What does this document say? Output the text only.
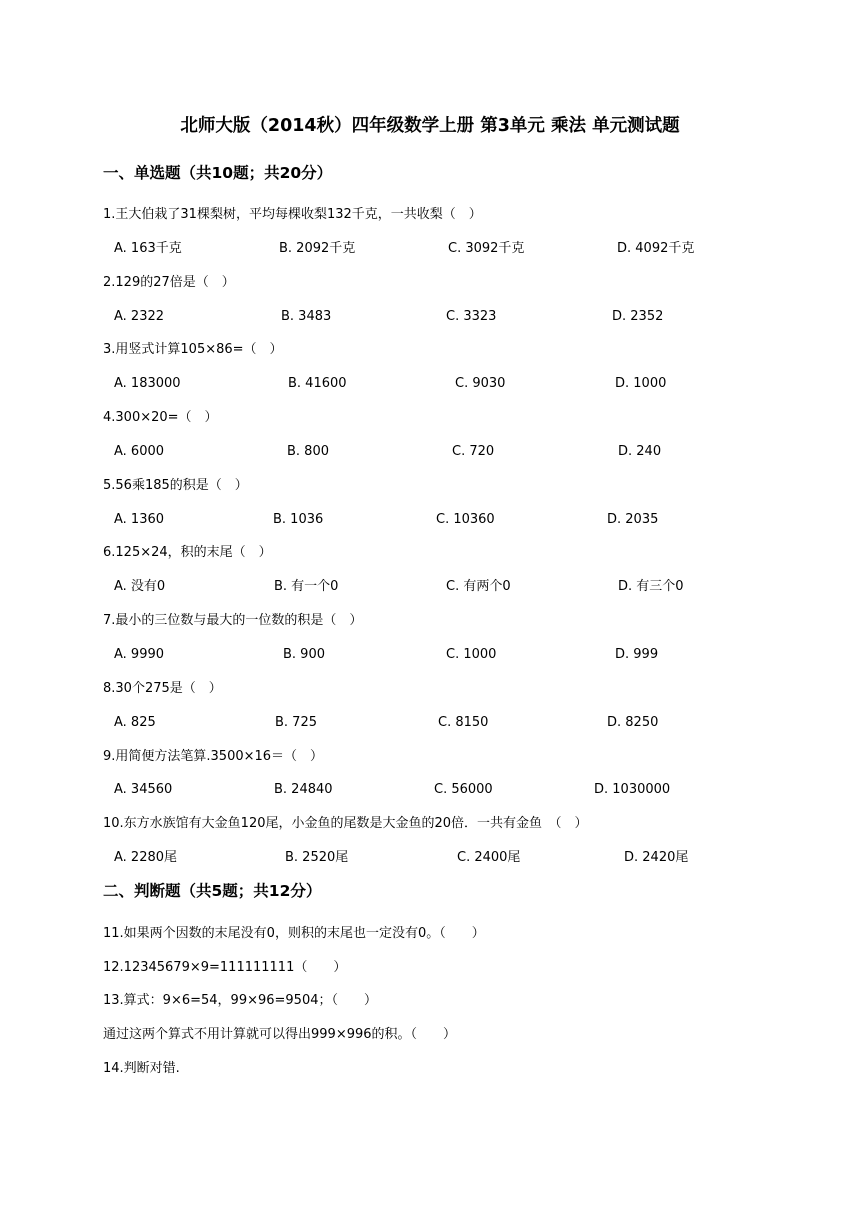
北师大版（2014秋）四年级数学上册 第3单元 乘法 单元测试题
一、单选题（共10题；共20分）
1.王大伯栽了31棵梨树，平均每棵收梨132千克，一共收梨（　）
A. 163千克	B. 2092千克	C. 3092千克	D. 4092千克
2.129的27倍是（　）
A. 2322	B. 3483	C. 3323	D. 2352
3.用竖式计算105×86=（　）
A. 183000	B. 41600	C. 9030	D. 1000
4.300×20=（　）
A. 6000	B. 800	C. 720	D. 240
5.56乘185的积是（　）
A. 1360	B. 1036	C. 10360	D. 2035
6.125×24，积的末尾（　）
A. 没有0	B. 有一个0	C. 有两个0	D. 有三个0
7.最小的三位数与最大的一位数的积是（　）
A. 9990	B. 900	C. 1000	D. 999
8.30个275是（　）
A. 825	B. 725	C. 8150	D. 8250
9.用简便方法笔算.3500×16＝（　）
A. 34560	B. 24840	C. 56000	D. 1030000
10.东方水族馆有大金鱼120尾，小金鱼的尾数是大金鱼的20倍．一共有金鱼　（　）
A. 2280尾	B. 2520尾	C. 2400尾	D. 2420尾
二、判断题（共5题；共12分）
11.如果两个因数的末尾没有0，则积的末尾也一定没有0。（　　）
12.12345679×9=111111111（　　）
13.算式：9×6=54，99×96=9504；（　　）
通过这两个算式不用计算就可以得出999×996的积。（　　）
14.判断对错.
